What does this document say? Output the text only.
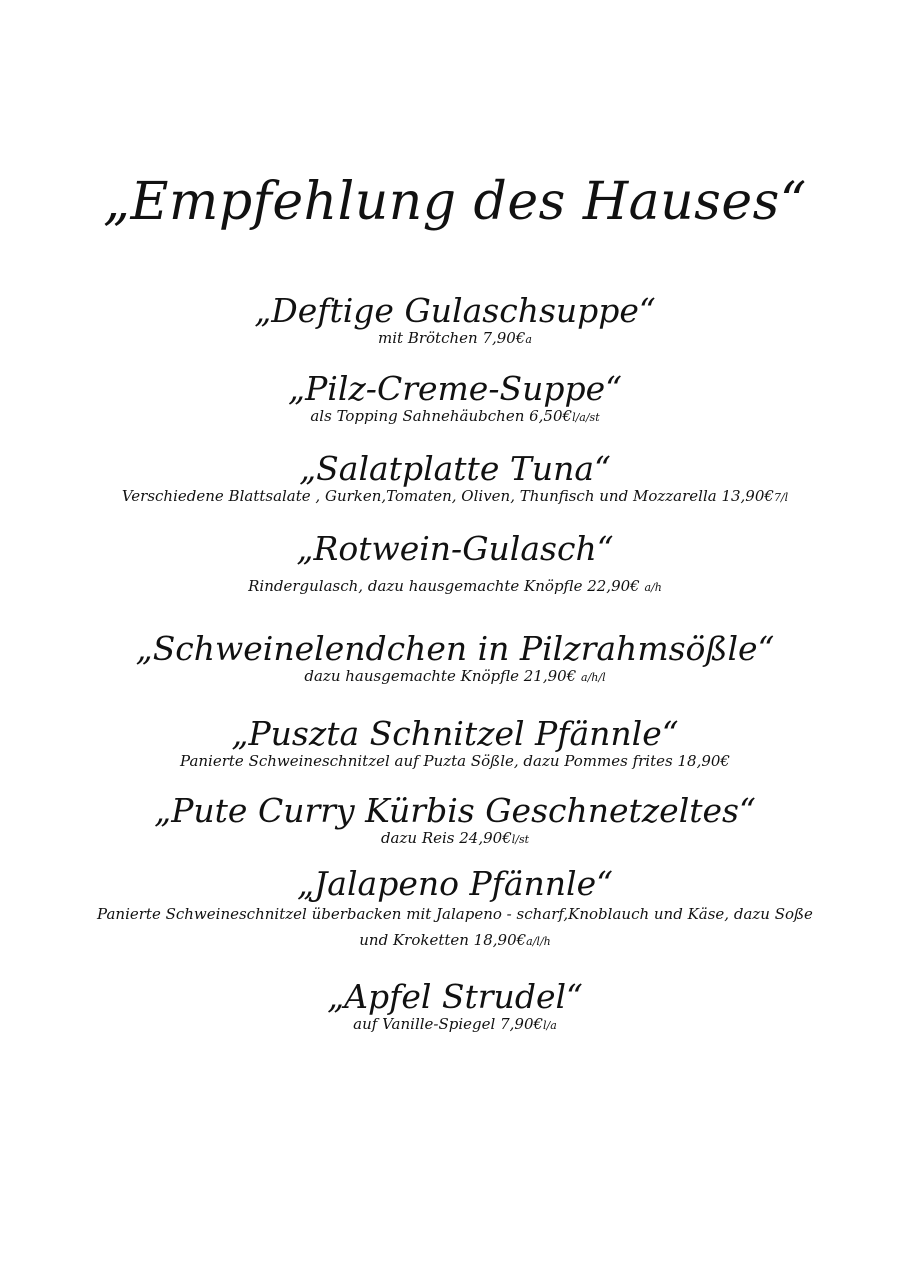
„Empfehlung des Hauses“
„Deftige Gulaschsuppe“
mit Brötchen 7,90€a
„Pilz-Creme-Suppe“
als Topping Sahnehäubchen 6,50€l/a/st
„Salatplatte Tuna“
Verschiedene Blattsalate , Gurken,Tomaten, Oliven, Thunfisch und Mozzarella 13,90€7/l
„Rotwein-Gulasch“
Rindergulasch, dazu hausgemachte Knöpfle 22,90€ a/h
„Schweinelendchen in Pilzrahmsößle“
dazu hausgemachte Knöpfle 21,90€ a/h/l
„Puszta Schnitzel Pfännle“
Panierte Schweineschnitzel auf Puzta Sößle, dazu Pommes frites 18,90€
„Pute Curry Kürbis Geschnetzeltes“
dazu Reis 24,90€l/st
„Jalapeno Pfännle“
Panierte Schweineschnitzel überbacken mit Jalapeno - scharf,Knoblauch und Käse, dazu Soße und Kroketten 18,90€a/l/h
„Apfel Strudel“
auf Vanille-Spiegel 7,90€l/a
